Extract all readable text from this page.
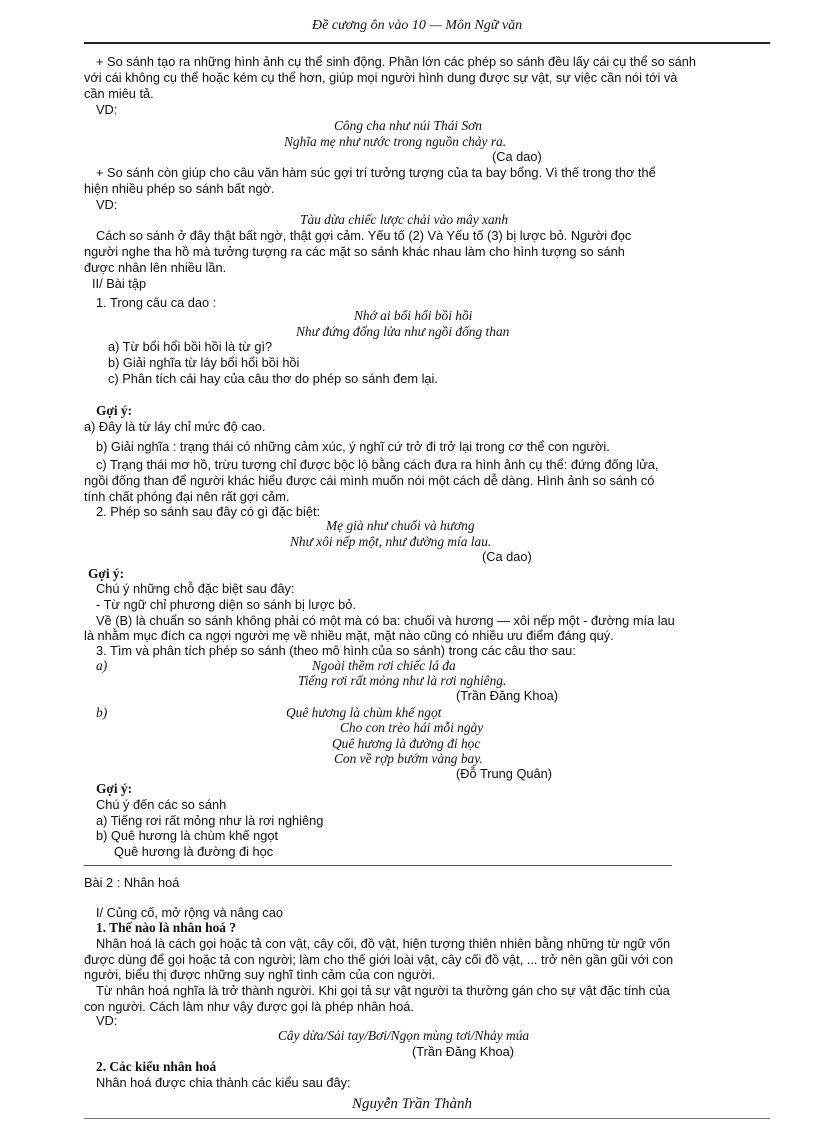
Đề cương ôn vào 10 — Môn Ngữ văn
+ So sánh tạo ra những hình ảnh cụ thể sinh động. Phần lớn các phép so sánh đều lấy cái cụ thể so sánh
với cái không cụ thể hoặc kém cụ thể hơn, giúp mọi người hình dung được sự vật, sự việc cần nói tới và
cần miêu tả.
VD:
Công cha như núi Thái Sơn
Nghĩa mẹ như nước trong nguồn chảy ra.
(Ca dao)
+ So sánh còn giúp cho câu văn hàm súc gợi trí tưởng tượng của ta bay bổng. Vì thế trong thơ thể
hiện nhiều phép so sánh bất ngờ.
VD:
Tàu dừa chiếc lược chải vào mây xanh
Cách so sánh ở đây thật bất ngờ, thật gợi cảm. Yếu tố (2) Và Yếu tố (3) bị lược bỏ. Người đọc
người nghe tha hồ mà tưởng tượng ra các mặt so sánh khác nhau làm cho hình tượng so sánh
được nhân lên nhiều lần.
II/ Bài tập
1. Trong câu ca dao :
Nhớ ai bổi hổi bồi hồi
Như đứng đống lửa như ngồi đống than
a) Từ bổi hổi bồi hồi là từ gì?
b) Giải nghĩa từ láy bổi hổi bồi hồi
c) Phân tích cái hay của câu thơ do phép so sánh đem lại.
Gợi ý:
a) Đây là từ láy chỉ mức độ cao.
b) Giải nghĩa : trạng thái có những cảm xúc, ý nghĩ cứ trở đi trở lại trong cơ thể con người.
c) Trạng thái mơ hồ, trừu tượng chỉ được bộc lộ bằng cách đưa ra hình ảnh cụ thể: đứng đống lửa,
ngồi đống than để người khác hiểu được cái mình muốn nói một cách dễ dàng. Hình ảnh so sánh có
tính chất phóng đại nên rất gợi cảm.
2. Phép so sánh sau đây có gì đặc biệt:
Mẹ già như chuối và hương
Như xôi nếp một, như đường mía lau.
(Ca dao)
Gợi ý:
Chú ý những chỗ đặc biệt sau đây:
- Từ ngữ chỉ phương diện so sánh bị lược bỏ.
Về (B) là chuẩn so sánh không phải có một mà có ba: chuối và hương — xôi nếp một - đường mía lau
là nhằm mục đích ca ngợi người mẹ về nhiều mặt, mặt nào cũng có nhiều ưu điểm đáng quý.
3. Tìm và phân tích phép so sánh (theo mô hình của so sánh) trong các câu thơ sau:
a)	Ngoài thềm rơi chiếc lá đa
Tiếng rơi rất mỏng như là rơi nghiêng.
(Trần Đăng Khoa)
b)	Quê hương là chùm khế ngọt
Cho con trèo hái mỗi ngày
Quê hương là đường đi học
Con về rợp bướm vàng bay.
(Đỗ Trung Quân)
Gợi ý:
Chú ý đến các so sánh
a) Tiếng rơi rất mỏng như là rơi nghiêng
b) Quê hương là chùm khế ngọt
Quê hương là đường đi học
Bài 2 : Nhân hoá
I/ Củng cố, mở rộng và nâng cao
1. Thế nào là nhân hoá ?
Nhân hoá là cách gọi hoặc tả con vật, cây cối, đồ vật, hiện tượng thiên nhiên bằng những từ ngữ vốn
được dùng để gọi hoặc tả con người; làm cho thế giới loài vật, cây cối đồ vật, ... trở nên gần gũi với con
người, biểu thị được những suy nghĩ tình cảm của con người.
Từ nhân hoá nghĩa là trở thành người. Khi gọi tả sự vật người ta thường gán cho sự vật đặc tính của
con người. Cách làm như vậy được gọi là phép nhân hoá.
VD:
Cây dừa/Sải tay/Bơi/Ngọn mùng tơi/Nhảy múa
(Trần Đăng Khoa)
2. Các kiểu nhân hoá
Nhân hoá được chia thành các kiểu sau đây:
Nguyễn Trần Thành
